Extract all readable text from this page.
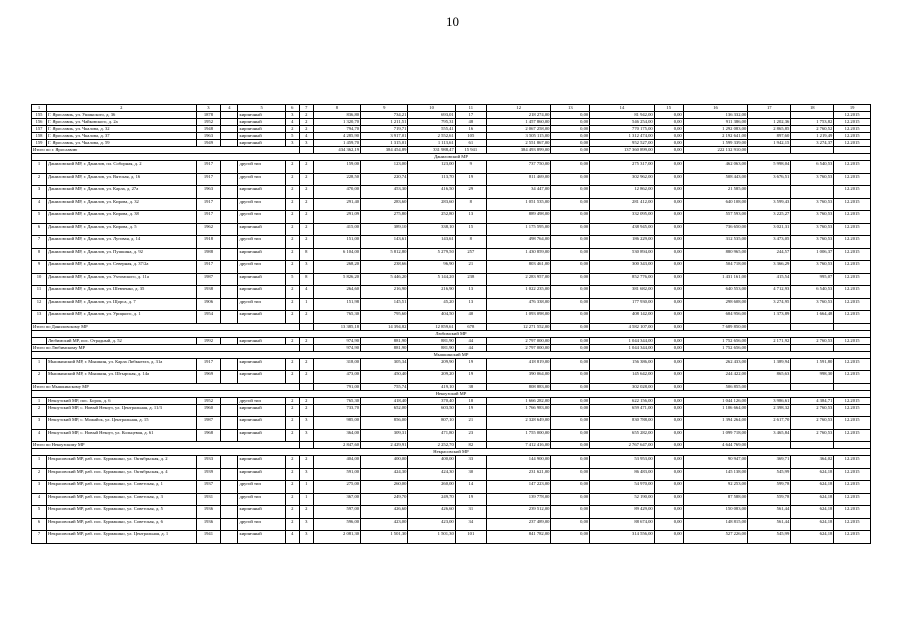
10
1	2	3	4	5	6	7	8	9	10	11	12	13	14	15	16	17	18	19
155	Г. Ярославль, ул. Ушинского, д. 36	1878		кирпичный	3	2	836,80	734,21	693,01	17	218 274,00	0,00	81 942,00	0,00	136 332,00			12.2015
156	Г. Ярославль, ул. Чайковского, д. 2а	1952		кирпичный	4	2	1 320,70	1 211,51	795,31	48	1 457 860,00	0,00	546 254,00	0,00	911 386,00	1 202,36	1 753,82	12.2015
157	Г. Ярославль, ул. Чкалова, д. 32	1948		кирпичный	2	2	794,70	719,71	555,41	16	2 067 258,00	0,00	770 175,00	0,00	1 292 083,00	2 865,85	2 760,52	12.2015
158	Г. Ярославль, ул. Чкалова, д. 37	1963		кирпичный	5	4	4 285,90	3 917,01	2 552,61	105	3 505 115,00	0,00	1 312 474,00	0,00	2 192 641,00	897,60	1 219,49	12.2015
159	Г. Ярославль, ул. Чкалова, д. 59	1949		кирпичный	3	3	1 459,70	1 315,01	1 113,61	61	2 551 867,00	0,00	952 527,00	0,00	1 599 339,00	1 942,15	3 274,37	12.2015
Итого по г. Ярославлю							434 362,19	384 454,89	331 988,47	15 941	384 493 899,00	0,00	137 360 899,00	0,00	222 132 910,00			
Даниловский МР																		
1	Даниловский МР, г. Данилов, пл. Соборная, д. 2	1917		другой тип	2	2	159,00	123,00	123,00	9	737 750,00	0,00	275 317,00	0,00	462 063,00	5 998,04	6 540,53	12.2015
2	Даниловский МР, г. Данилов, ул. Вятская, д. 16	1917		другой тип	2	2	228,50	220,74	113,70	19	811 469,00	0,00	302 962,00	0,00	508 443,00	3 676,51	3 760,53	12.2015
3	Даниловский МР, г. Данилов, ул. Карла, д. 27а	1963		кирпичный	2	2	470,00	453,30	416,50	29	34 447,00	0,00	12 862,00	0,00	21 585,00			12.2015
4	Даниловский МР, г. Данилов, ул. Кирова, д. 32	1917		другой тип	2	2	291,40	283,60	283,60	8	1 051 535,00	0,00	281 412,00	0,00	640 108,00	3 599,43	3 760,53	12.2015
5	Даниловский МР, г. Данилов, ул. Кирова, д. 38	1917		другой тип	2	2	291,09	275,80	252,80	13	889 498,00	0,00	332 095,00	0,00	557 593,00	3 225,27	3 760,53	12.2015
6	Даниловский МР, г. Данилов, ул. Кирова, д. 5	1962		кирпичный	2	2	415,00	389,10	338,10	15	1 175 595,00	0,00	438 945,00	0,00	736 650,00	3 021,31	3 760,53	12.2015
7	Даниловский МР, г. Данилов, ул. Луговая, д. 14	1918		другой тип	2	2	151,00	143,61	143,61	8	498 764,00	0,00	186 229,00	0,00	312 535,00	3 473,05	3 760,53	12.2015
8	Даниловский МР, г. Данилов, ул. Пушкина, д. 92	1988		кирпичный	2	8	6 104,00	5 812,80	5 279,50	257	1 430 859,00	0,00	530 894,00	0,00	880 965,00	244,57	1 006,37	12.2015
9	Даниловский МР, г. Данилов, ул. Северная, д. 37/2а	1917		другой тип	2	3	268,20	238,66	96,90	21	803 461,00	0,00	300 343,00	0,00	504 718,00	3 366,29	3 760,53	12.2015
10	Даниловский МР, г. Данилов, ул. Ухтомского, д. 11а	1987		кирпичный	5	8	5 826,20	5 446,20	5 144,20	238	2 283 957,00	0,00	852 776,00	0,00	1 431 161,00	415,54	995,07	12.2015
11	Даниловский МР, г. Данилов, ул. Шевченко, д. 35	1938		кирпичный	2	4	264,60	216,90	216,90	13	1 022 235,00	0,00	381 682,00	0,00	640 553,00	4 712,93	6 540,53	12.2015
12	Даниловский МР, г. Данилов, ул. Щорса, д. 7	1906		другой тип	2	1	151,98	145,51	45,20	13	476 338,00	0,00	177 930,00	0,00	298 608,00	3 274,95	3 760,53	12.2015
13	Даниловский МР, г. Данилов, ул. Урицкого, д. 1	1954		кирпичный	2	2	765,30	795,60	404,50	40	1 093 098,00	0,00	408 142,00	0,00	684 956,00	1 373,89	1 664,48	12.2015
Итого по Даниловскому МР							13 385,18	14 394,82	12 859,61	678	12 271 552,00	0,00	4 582 107,00	0,00	7 689 850,00			
Любимский МР																		
	Любимский МР, пос. Отрадный, д. 52	1992		кирпичный	2	2	974,90	881,90	881,90	44	2 797 000,00	0,00	1 044 344,00	0,00	1 752 656,00	2 171,92	2 760,53	12.2015
Итого по Любимскому МР							974,90	881,90	881,90	44	2 797 000,00	0,00	1 044 344,00	0,00	1 752 656,00			
Мышкинский МР																		
1	Мышкинский МР, г. Мышкин, ул. Карла Либкнехта, д. 31а	1917		кирпичный	2	2	318,00	305,34	209,90	19	418 819,00	0,00	156 386,00	0,00	262 433,00	1 389,94	1 591,80	12.2015
2	Мышкинский МР, г. Мышкин, ул. Штырская, д. 14а	1969		кирпичный	2	2	473,00	450,40	209,20	19	390 064,00	0,00	145 642,00	0,00	244 422,00	865,63	998,30	12.2015
Итого по Мышкинскому МР							791,00	755,74	419,10	38	808 883,00	0,00	302 028,00	0,00	506 855,00			
Некоузский МР																		
1	Некоузский МР, пос. Борок, д. 6	1952		другой тип	2	2	765,30	418,40	370,40	18	1 666 282,00	0,00	622 156,00	0,00	1 044 126,00	3 986,61	4 384,71	12.2015
2	Некоузский МР, с. Новый Некоуз, ул. Центральная, д. 11/3	1960		кирпичный	2	2	733,70	652,00	603,50	19	1 766 983,00	0,00	659 471,00	0,00	1 106 664,00	2 398,32	2 760,53	12.2015
3	Некоузский МР, с. Можайск, ул. Центральная, д. 15	1987		кирпичный	2	3	985,00	856,00	807,10	21	2 328 649,00	0,00	830 788,00	0,00	1 394 264,00	2 617,70	2 760,53	12.2015
4	Некоузский МР, с. Новый Некоуз, ул. Кольцевая, д. 61	1968		кирпичный	2	3	364,00	309,31	471,80	23	1 755 000,00	0,00	655 282,00	0,00	1 099 718,00	3 465,84	2 760,53	12.2015
Итого по Некоузскому МР							2 847,60	2 429,91	2 252,70	82	7 412 416,00	0,00	2 767 647,00	0,00	4 644 769,00			
Некрасовский МР																		
1	Некрасовский МР, раб. пос. Бурмакино, ул. Октябрьская, д. 2	1933		кирпичный	2	2	404,00	400,00	400,00	33	144 900,00	0,00	53 953,00	0,00	90 947,00	369,71	364,02	12.2015
2	Некрасовский МР, раб. пос. Бурмакино, ул. Октябрьская, д. 4	1939		кирпичный	2	3	591,00	424,30	424,30	30	231 621,00	0,00	86 483,00	0,00	145 138,00	545,99	624,18	12.2015
3	Некрасовский МР, раб. пос. Бурмакино, ул. Советская, д. 1	1937		другой тип	2	1	275,00	260,00	260,00	14	147 223,00	0,00	54 970,00	0,00	92 253,00	599,78	624,18	12.2015
4	Некрасовский МР, раб. пос. Бурмакино, ул. Советская, д. 3	1931		другой тип	2	1	367,00	249,70	249,70	19	139 778,00	0,00	52 190,00	0,00	87 588,00	559,78	624,18	12.2015
5	Некрасовский МР, раб. пос. Бурмакино, ул. Советская, д. 5	1936		кирпичный	2	2	597,00	426,60	426,60	31	239 512,00	0,00	89 429,00	0,00	150 083,00	561,44	624,18	12.2015
6	Некрасовский МР, раб. пос. Бурмакино, ул. Советская, д. 6	1936		другой тип	2	3	596,00	423,00	423,00	34	237 489,00	0,00	88 674,00	0,00	148 815,00	561,44	624,18	12.2015
7	Некрасовский МР, раб. пос. Бурмакино, ул. Центральная, д. 1	1941		кирпичный	4	3	2 081,30	1 501,30	1 501,30	101	841 782,00	0,00	314 556,00	0,00	527 226,00	545,99	624,18	12.2015
